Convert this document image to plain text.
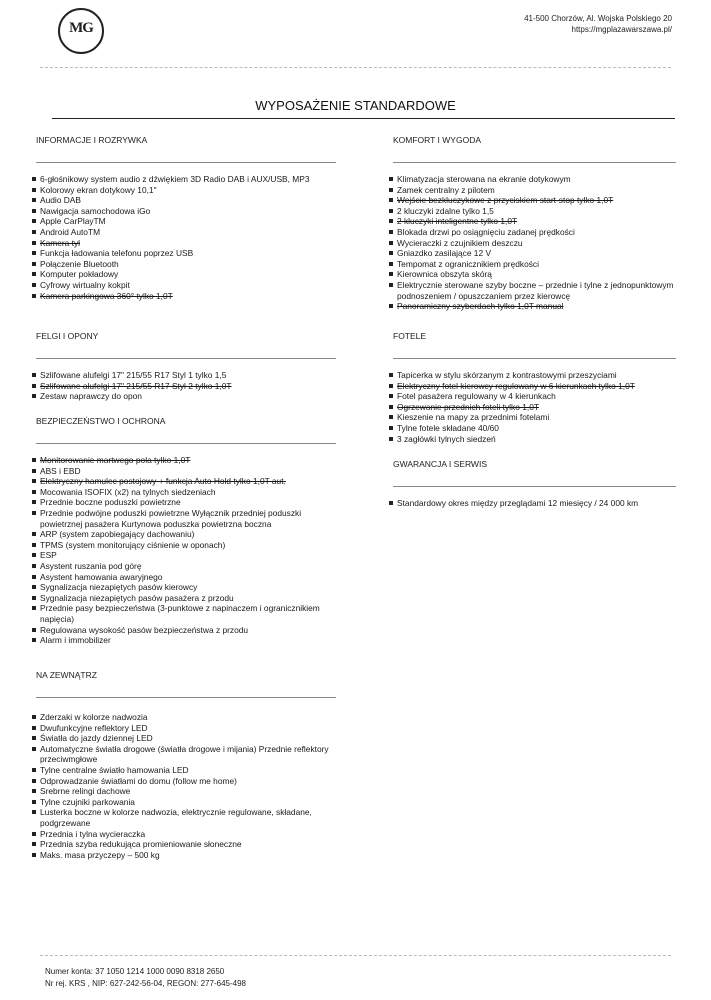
MG
41-500 Chorzów, Al. Wojska Polskiego 20
https://mgplazawarszawa.pl/
WYPOSAŻENIE STANDARDOWE
INFORMACJE I ROZRYWKA
6-głośnikowy system audio z dźwiękiem 3D Radio DAB i AUX/USB, MP3
Kolorowy ekran dotykowy 10,1"
Audio DAB
Nawigacja samochodowa iGo
Apple CarPlayTM
Android AutoTM
Kamera tył
Funkcja ładowania telefonu poprzez USB
Połączenie Bluetooth
Komputer pokładowy
Cyfrowy wirtualny kokpit
Kamera parkingowa 360° tylko 1,0T
FELGI I OPONY
Szlifowane alufelgi 17" 215/55 R17 Styl 1 tylko 1,5
Szlifowane alufelgi 17" 215/55 R17 Styl 2 tylko 1,0T
Zestaw naprawczy do opon
BEZPIECZEŃSTWO I OCHRONA
Monitorowanie martwego pola tylko 1,0T
ABS i EBD
Elektryczny hamulec postojowy + funkcja Auto Hold tylko 1,0T aut.
Mocowania ISOFIX (x2) na tylnych siedzeniach
Przednie boczne poduszki powietrzne
Przednie podwójne poduszki powietrzne Wyłącznik przedniej poduszki powietrznej pasażera Kurtynowa poduszka powietrzna boczna
ARP (system zapobiegający dachowaniu)
TPMS (system monitorujący ciśnienie w oponach)
ESP
Asystent ruszania pod górę
Asystent hamowania awaryjnego
Sygnalizacja niezapiętych pasów kierowcy
Sygnalizacja niezapiętych pasów pasażera z przodu
Przednie pasy bezpieczeństwa (3-punktowe z napinaczem i ogranicznikiem napięcia)
Regulowana wysokość pasów bezpieczeństwa z przodu
Alarm i immobilizer
NA ZEWNĄTRZ
Zderzaki w kolorze nadwozia
Dwufunkcyjne reflektory LED
Światła do jazdy dziennej LED
Automatyczne światła drogowe (światła drogowe i mijania) Przednie reflektory przeciwmgłowe
Tylne centralne światło hamowania LED
Odprowadzanie światłami do domu (follow me home)
Srebrne relingi dachowe
Tylne czujniki parkowania
Lusterka boczne w kolorze nadwozia, elektrycznie regulowane, składane, podgrzewane
Przednia i tylna wycieraczka
Przednia szyba redukująca promieniowanie słoneczne
Maks. masa przyczepy – 500 kg
KOMFORT I WYGODA
Klimatyzacja sterowana na ekranie dotykowym
Zamek centralny z pilotem
Wejście bezkluczykowe z przyciskiem start-stop tylko 1,0T
2 kluczyki zdalne tylko 1,5
2 kluczyki inteligentne tylko 1,0T
Blokada drzwi po osiągnięciu zadanej prędkości
Wycieraczki z czujnikiem deszczu
Gniazdko zasilające 12 V
Tempomat z ogranicznikiem prędkości
Kierownica obszyta skórą
Elektrycznie sterowane szyby boczne – przednie i tylne z jednopunktowym podnoszeniem / opuszczaniem przez kierowcę
Panoramiczny szyberdach tylko 1,0T manual
FOTELE
Tapicerka w stylu skórzanym z kontrastowymi przeszyciami
Elektryczny fotel kierowcy regulowany w 6 kierunkach tylko 1,0T
Fotel pasażera regulowany w 4 kierunkach
Ogrzewanie przednich foteli tylko 1,0T
Kieszenie na mapy za przednimi fotelami
Tylne fotele składane 40/60
3 zagłówki tylnych siedzeń
GWARANCJA I SERWIS
Standardowy okres między przeglądami 12 miesięcy / 24 000 km
Numer konta: 37 1050 1214 1000 0090 8318 2650
Nr rej. KRS , NIP: 627-242-56-04, REGON: 277-645-498
